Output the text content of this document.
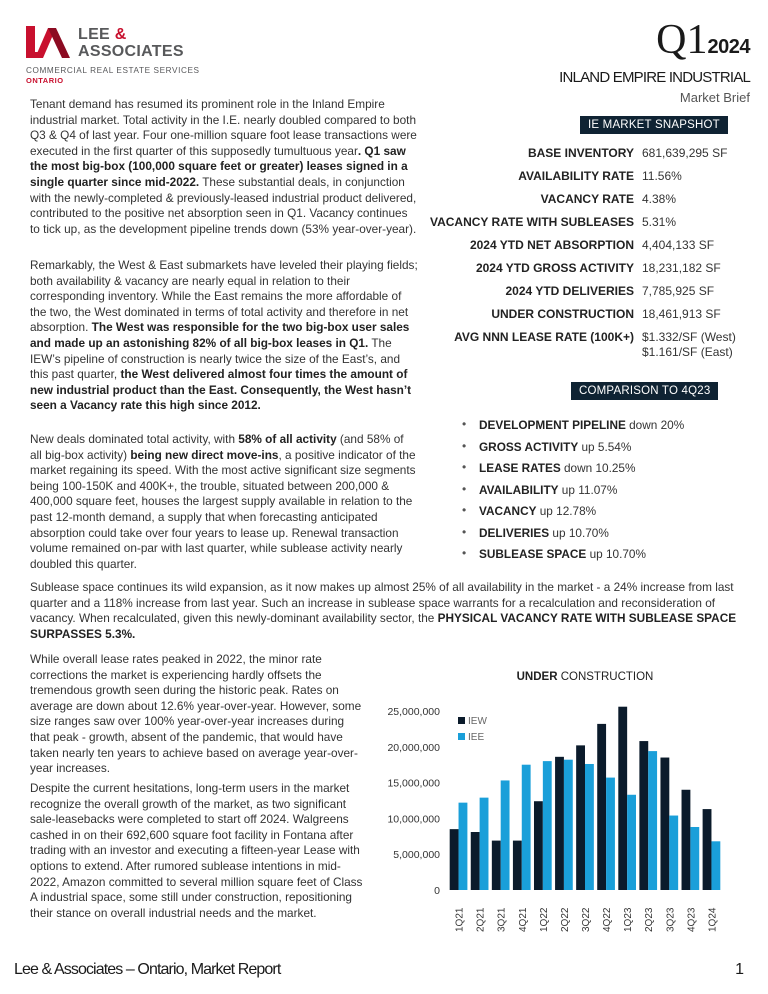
LEE &
ASSOCIATES
COMMERCIAL REAL ESTATE SERVICES
ONTARIO
Q12024
INLAND EMPIRE INDUSTRIAL
Market Brief
Tenant demand has resumed its prominent role in the Inland Empire industrial market. Total activity in the I.E. nearly doubled compared to both Q3 & Q4 of last year. Four one-million square foot lease transactions were executed in the first quarter of this supposedly tumultuous year. Q1 saw the most big-box (100,000 square feet or greater) leases signed in a single quarter since mid-2022. These substantial deals, in conjunction with the newly-completed & previously-leased industrial product delivered, contributed to the positive net absorption seen in Q1. Vacancy continues to tick up, as the development pipeline trends down (53% year-over-year).
Remarkably, the West & East submarkets have leveled their playing fields; both availability & vacancy are nearly equal in relation to their corresponding inventory. While the East remains the more affordable of the two, the West dominated in terms of total activity and therefore in net absorption. The West was responsible for the two big-box user sales and made up an astonishing 82% of all big-box leases in Q1. The IEW’s pipeline of construction is nearly twice the size of the East’s, and this past quarter, the West delivered almost four times the amount of new industrial product than the East. Consequently, the West hasn’t seen a Vacancy rate this high since 2012.
New deals dominated total activity, with 58% of all activity (and 58% of all big-box activity) being new direct move-ins, a positive indicator of the market regaining its speed. With the most active significant size segments being 100-150K and 400K+, the trouble, situated between 200,000 & 400,000 square feet, houses the largest supply available in relation to the past 12-month demand, a supply that when forecasting anticipated absorption could take over four years to lease up. Renewal transaction volume remained on-par with last quarter, while sublease activity nearly doubled this quarter.
Sublease space continues its wild expansion, as it now makes up almost 25% of all availability in the market - a 24% increase from last quarter and a 118% increase from last year. Such an increase in sublease space warrants for a recalculation and reconsideration of vacancy. When recalculated, given this newly-dominant availability sector, the PHYSICAL VACANCY RATE WITH SUBLEASE SPACE SURPASSES 5.3%.
While overall lease rates peaked in 2022, the minor rate corrections the market is experiencing hardly offsets the tremendous growth seen during the historic peak. Rates on average are down about 12.6% year-over-year. However, some size ranges saw over 100% year-over-year increases during that peak - growth, absent of the pandemic, that would have taken nearly ten years to achieve based on average year-over-year increases.
Despite the current hesitations, long-term users in the market recognize the overall growth of the market, as two significant sale-leasebacks were completed to start off 2024. Walgreens cashed in on their 692,600 square foot facility in Fontana after trading with an investor and executing a fifteen-year Lease with options to extend. After rumored sublease intentions in mid-2022, Amazon committed to several million square feet of Class A industrial space, some still under construction, repositioning their stance on overall industrial needs and the market.
IE MARKET SNAPSHOT
BASE INVENTORY 681,639,295 SF
AVAILABILITY RATE 11.56%
VACANCY RATE 4.38%
VACANCY RATE WITH SUBLEASES 5.31%
2024 YTD NET ABSORPTION 4,404,133 SF
2024 YTD GROSS ACTIVITY 18,231,182 SF
2024 YTD DELIVERIES 7,785,925 SF
UNDER CONSTRUCTION 18,461,913 SF
AVG NNN LEASE RATE (100K+) $1.332/SF (West)
$1.161/SF (East)
COMPARISON TO 4Q23
• DEVELOPMENT PIPELINE down 20%
• GROSS ACTIVITY up 5.54%
• LEASE RATES down 10.25%
• AVAILABILITY up 11.07%
• VACANCY up 12.78%
• DELIVERIES up 10.70%
• SUBLEASE SPACE up 10.70%
UNDER CONSTRUCTION
0
5,000,000
10,000,000
15,000,000
20,000,000
25,000,000
1Q21 2Q21 3Q21 4Q21 1Q22 2Q22 3Q22 4Q22 1Q23 2Q23 3Q23 4Q23 1Q24
IEW
IEE
Lee & Associates – Ontario, Market Report	1
